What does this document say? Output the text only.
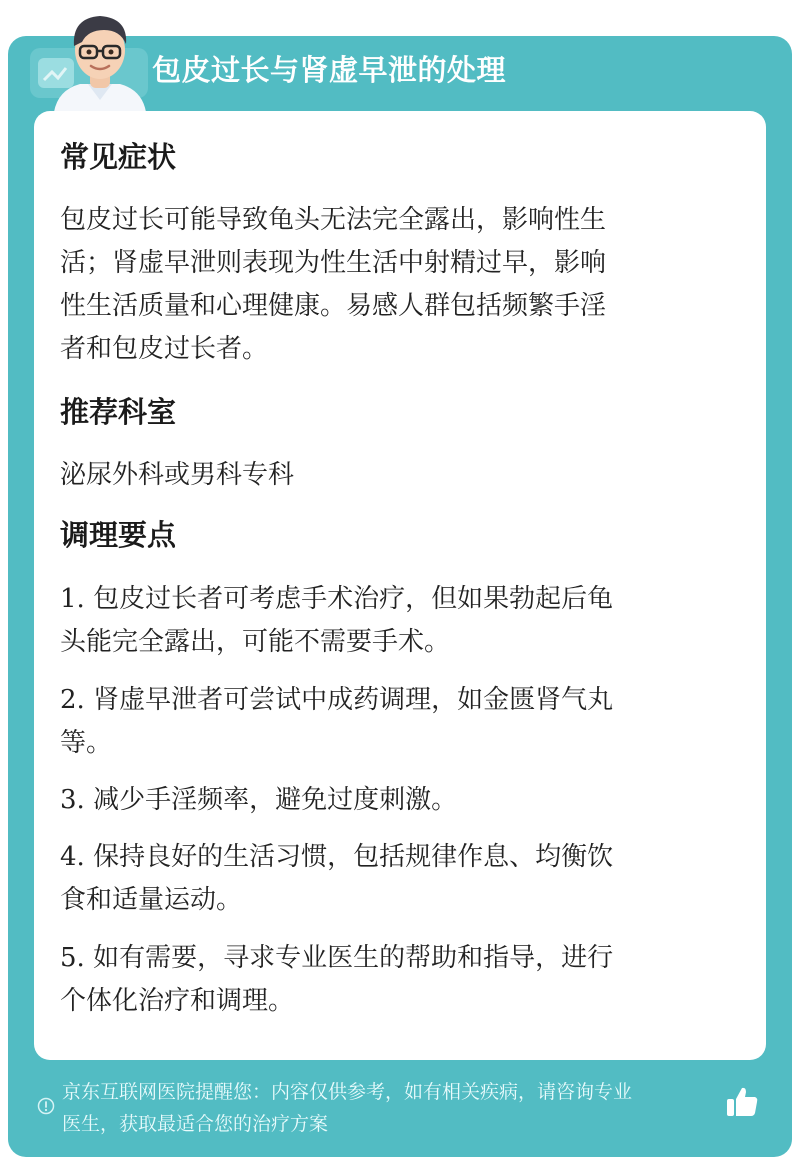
包皮过长与肾虚早泄的处理
常见症状
包皮过长可能导致龟头无法完全露出，影响性生
活；肾虚早泄则表现为性生活中射精过早，影响
性生活质量和心理健康。易感人群包括频繁手淫
者和包皮过长者。
推荐科室
泌尿外科或男科专科
调理要点
1. 包皮过长者可考虑手术治疗，但如果勃起后龟
头能完全露出，可能不需要手术。
2. 肾虚早泄者可尝试中成药调理，如金匮肾气丸
等。
3. 减少手淫频率，避免过度刺激。
4. 保持良好的生活习惯，包括规律作息、均衡饮
食和适量运动。
5. 如有需要，寻求专业医生的帮助和指导，进行
个体化治疗和调理。
京东互联网医院提醒您：内容仅供参考，如有相关疾病，请咨询专业
医生，获取最适合您的治疗方案
